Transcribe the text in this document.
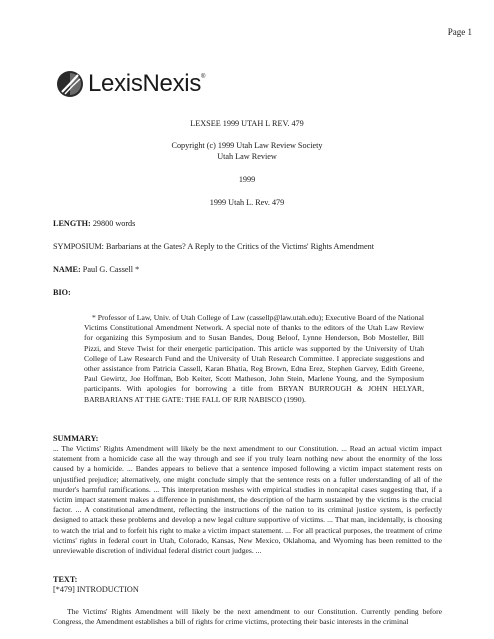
Page 1
LexisNexis®
LEXSEE 1999 UTAH L REV. 479
Copyright (c) 1999 Utah Law Review Society
Utah Law Review
1999
1999 Utah L. Rev. 479
LENGTH: 29800 words
SYMPOSIUM: Barbarians at the Gates? A Reply to the Critics of the Victims' Rights Amendment
NAME: Paul G. Cassell *
BIO:

* Professor of Law, Univ. of Utah College of Law (cassellp@law.utah.edu); Executive Board of the National Victims Constitutional Amendment Network. A special note of thanks to the editors of the Utah Law Review for organizing this Symposium and to Susan Bandes, Doug Beloof, Lynne Henderson, Bob Mosteller, Bill Pizzi, and Steve Twist for their energetic participation. This article was supported by the University of Utah College of Law Research Fund and the University of Utah Research Committee. I appreciate suggestions and other assistance from Patricia Cassell, Karan Bhatia, Reg Brown, Edna Erez, Stephen Garvey, Edith Greene, Paul Gewirtz, Joe Hoffman, Bob Keiter, Scott Matheson, John Stein, Marlene Young, and the Symposium participants. With apologies for borrowing a title from BRYAN BURROUGH & JOHN HELYAR, BARBARIANS AT THE GATE: THE FALL OF RJR NABISCO (1990).

SUMMARY:

... The Victims' Rights Amendment will likely be the next amendment to our Constitution. ... Read an actual victim impact statement from a homicide case all the way through and see if you truly learn nothing new about the enormity of the loss caused by a homicide. ... Bandes appears to believe that a sentence imposed following a victim impact statement rests on unjustified prejudice; alternatively, one might conclude simply that the sentence rests on a fuller understanding of all of the murder's harmful ramifications. ... This interpretation meshes with empirical studies in noncapital cases suggesting that, if a victim impact statement makes a difference in punishment, the description of the harm sustained by the victims is the crucial factor. ... A constitutional amendment, reflecting the instructions of the nation to its criminal justice system, is perfectly designed to attack these problems and develop a new legal culture supportive of victims. ... That man, incidentally, is choosing to watch the trial and to forfeit his right to make a victim impact statement. ... For all practical purposes, the treatment of crime victims' rights in federal court in Utah, Colorado, Kansas, New Mexico, Oklahoma, and Wyoming has been remitted to the unreviewable discretion of individual federal district court judges. ...

TEXT:
[*479] INTRODUCTION

The Victims' Rights Amendment will likely be the next amendment to our Constitution. Currently pending before Congress, the Amendment establishes a bill of rights for crime victims, protecting their basic interests in the criminal
